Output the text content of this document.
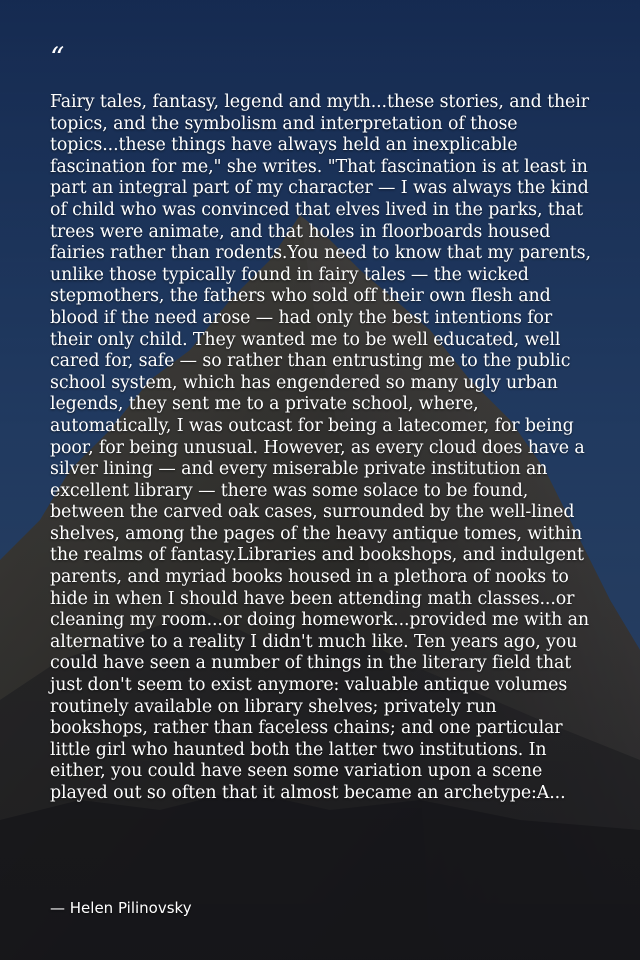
“

Fairy tales, fantasy, legend and myth...these stories, and their topics, and the symbolism and interpretation of those topics...these things have always held an inexplicable fascination for me," she writes. "That fascination is at least in part an integral part of my character — I was always the kind of child who was convinced that elves lived in the parks, that trees were animate, and that holes in floorboards housed fairies rather than rodents.You need to know that my parents, unlike those typically found in fairy tales — the wicked stepmothers, the fathers who sold off their own flesh and blood if the need arose — had only the best intentions for their only child. They wanted me to be well educated, well cared for, safe — so rather than entrusting me to the public school system, which has engendered so many ugly urban legends, they sent me to a private school, where, automatically, I was outcast for being a latecomer, for being poor, for being unusual. However, as every cloud does have a silver lining — and every miserable private institution an excellent library — there was some solace to be found, between the carved oak cases, surrounded by the well-lined shelves, among the pages of the heavy antique tomes, within the realms of fantasy.Libraries and bookshops, and indulgent parents, and myriad books housed in a plethora of nooks to hide in when I should have been attending math classes...or cleaning my room...or doing homework...provided me with an alternative to a reality I didn't much like. Ten years ago, you could have seen a number of things in the literary field that just don't seem to exist anymore: valuable antique volumes routinely available on library shelves; privately run bookshops, rather than faceless chains; and one particular little girl who haunted both the latter two institutions. In either, you could have seen some variation upon a scene played out so often that it almost became an archetype:A...

— Helen Pilinovsky
